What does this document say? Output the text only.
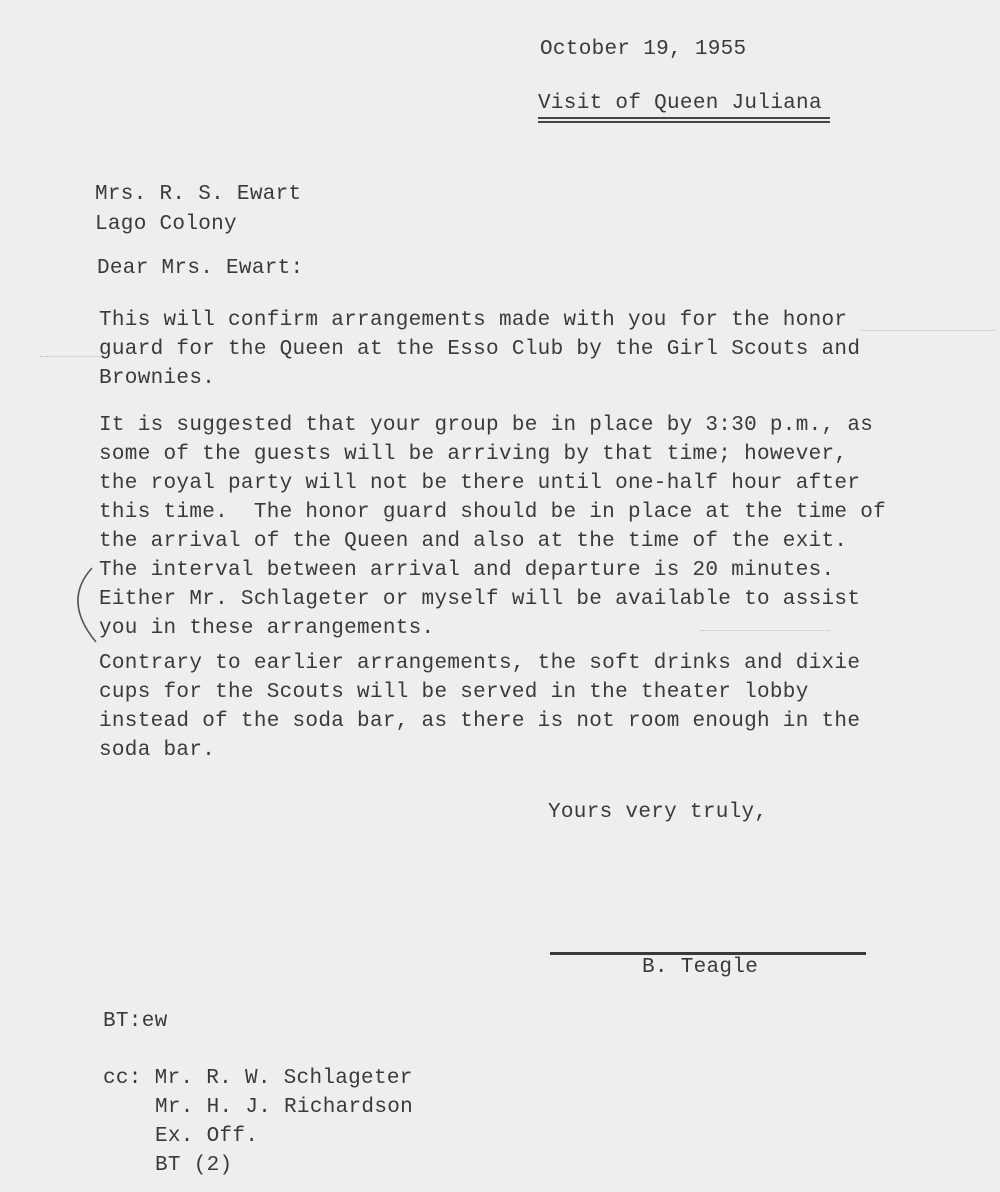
October 19, 1955
Visit of Queen Juliana
Mrs. R. S. Ewart
Lago Colony
Dear Mrs. Ewart:
This will confirm arrangements made with you for the honor
guard for the Queen at the Esso Club by the Girl Scouts and
Brownies.
It is suggested that your group be in place by 3:30 p.m., as
some of the guests will be arriving by that time; however,
the royal party will not be there until one-half hour after
this time.  The honor guard should be in place at the time of
the arrival of the Queen and also at the time of the exit.
The interval between arrival and departure is 20 minutes.
Either Mr. Schlageter or myself will be available to assist
you in these arrangements.
Contrary to earlier arrangements, the soft drinks and dixie
cups for the Scouts will be served in the theater lobby
instead of the soda bar, as there is not room enough in the
soda bar.
Yours very truly,
B. Teagle
BT:ew
cc: Mr. R. W. Schlageter
Mr. H. J. Richardson
Ex. Off.
BT (2)
